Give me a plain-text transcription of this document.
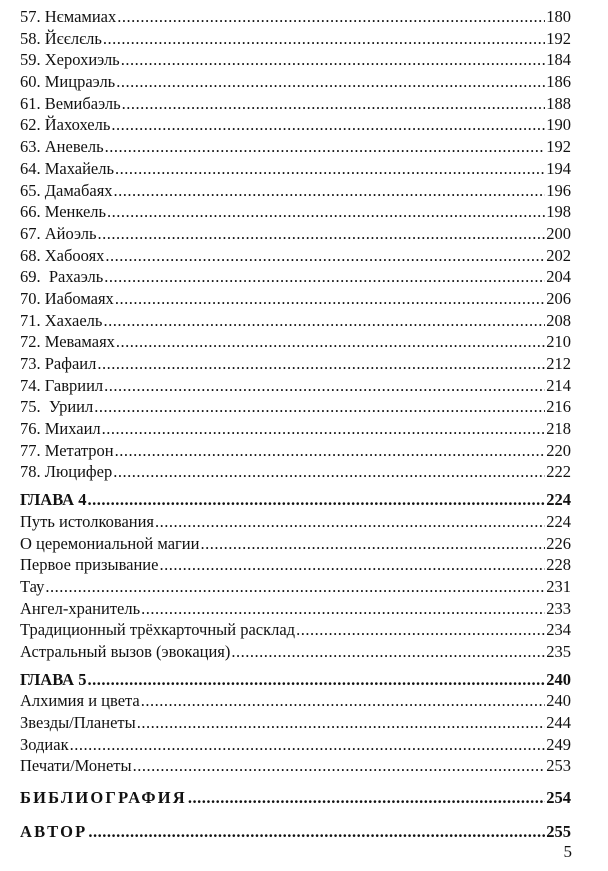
57. Нємамиах .....	180
58. Йєєлєль .....	192
59. Херохиэль .....	184
60. Мицраэль .....	186
61. Вемибаэль .....	188
62. Йахохель .....	190
63. Аневель .....	192
64. Махайель .....	194
65. Дамабаях .....	196
66. Менкель .....	198
67. Айоэль .....	200
68. Хабооях .....	202
69.  Рахаэль .....	204
70. Иабомаях .....	206
71. Хахаель .....	208
72. Мевамаях .....	210
73. Рафаил .....	212
74. Гавриил .....	214
75.  Уриил .....	216
76. Михаил .....	218
77. Метатрон .....	220
78. Люцифер .....	222
ГЛАВА 4 .....	224
Путь истолкования .....	224
О церемониальной магии .....	226
Первое призывание .....	228
Тау .....	231
Ангел-хранитель .....	233
Традиционный трёхкарточный расклад .....	234
Астральный вызов (эвокация) .....	235
ГЛАВА 5 .....	240
Алхимия и цвета .....	240
Звезды/Планеты .....	244
Зодиак .....	249
Печати/Монеты .....	253
БИБЛИОГРАФИЯ .....	254
АВТОР .....	255
5
